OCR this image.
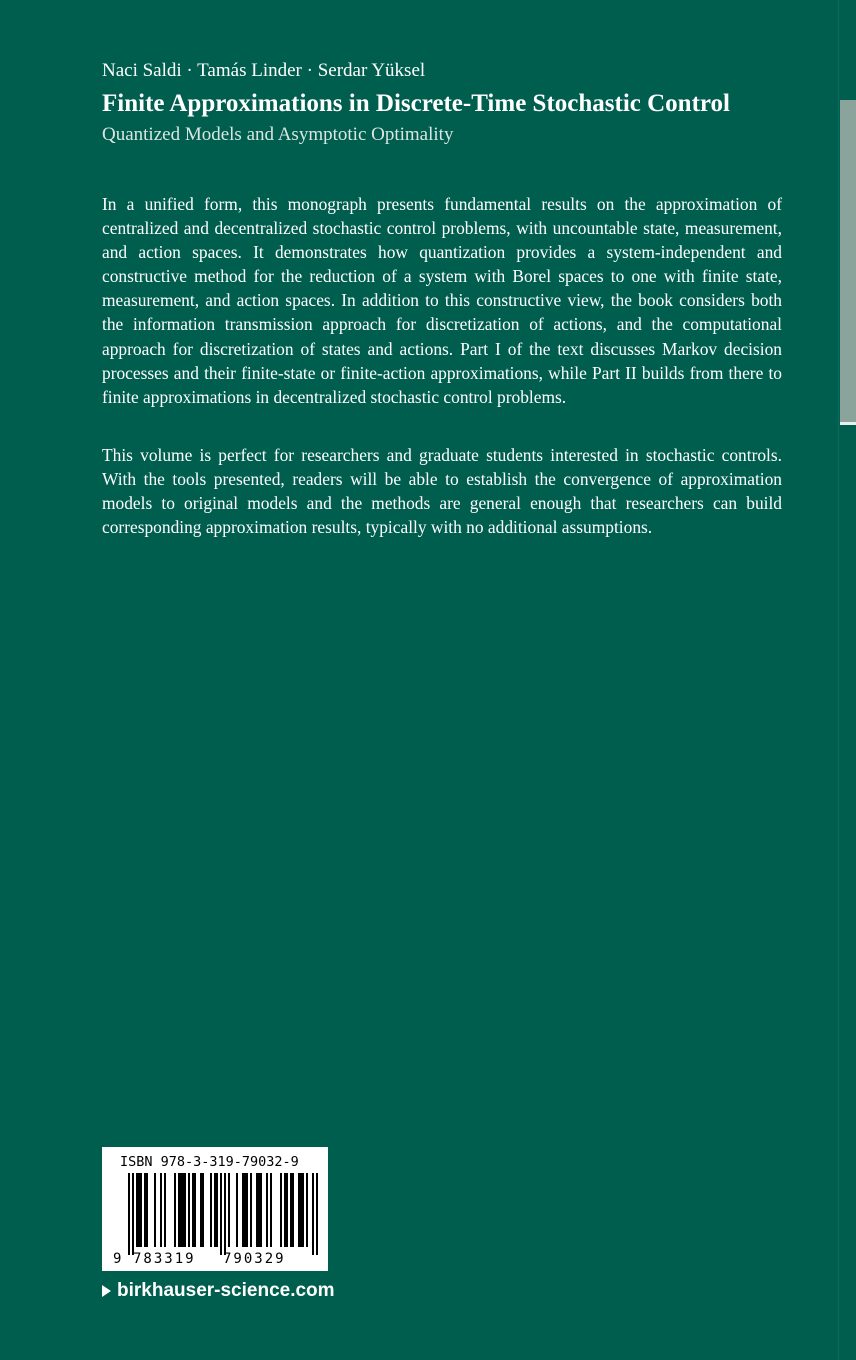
Naci Saldi · Tamás Linder · Serdar Yüksel
Finite Approximations in Discrete-Time Stochastic Control
Quantized Models and Asymptotic Optimality

In a unified form, this monograph presents fundamental results on the approximation of centralized and decentralized stochastic control problems, with uncountable state, measurement, and action spaces. It demonstrates how quantization provides a system-independent and constructive method for the reduction of a system with Borel spaces to one with finite state, measurement, and action spaces. In addition to this constructive view, the book considers both the information transmission approach for discretization of actions, and the computational approach for discretization of states and actions. Part I of the text discusses Markov decision processes and their finite-state or finite-action approximations, while Part II builds from there to finite approximations in decentralized stochastic control problems.

This volume is perfect for researchers and graduate students interested in stochastic controls. With the tools presented, readers will be able to establish the convergence of approximation models to original models and the methods are general enough that researchers can build corresponding approximation results, typically with no additional assumptions.

ISBN 978-3-319-79032-9
9 783319 790329
birkhauser-science.com
